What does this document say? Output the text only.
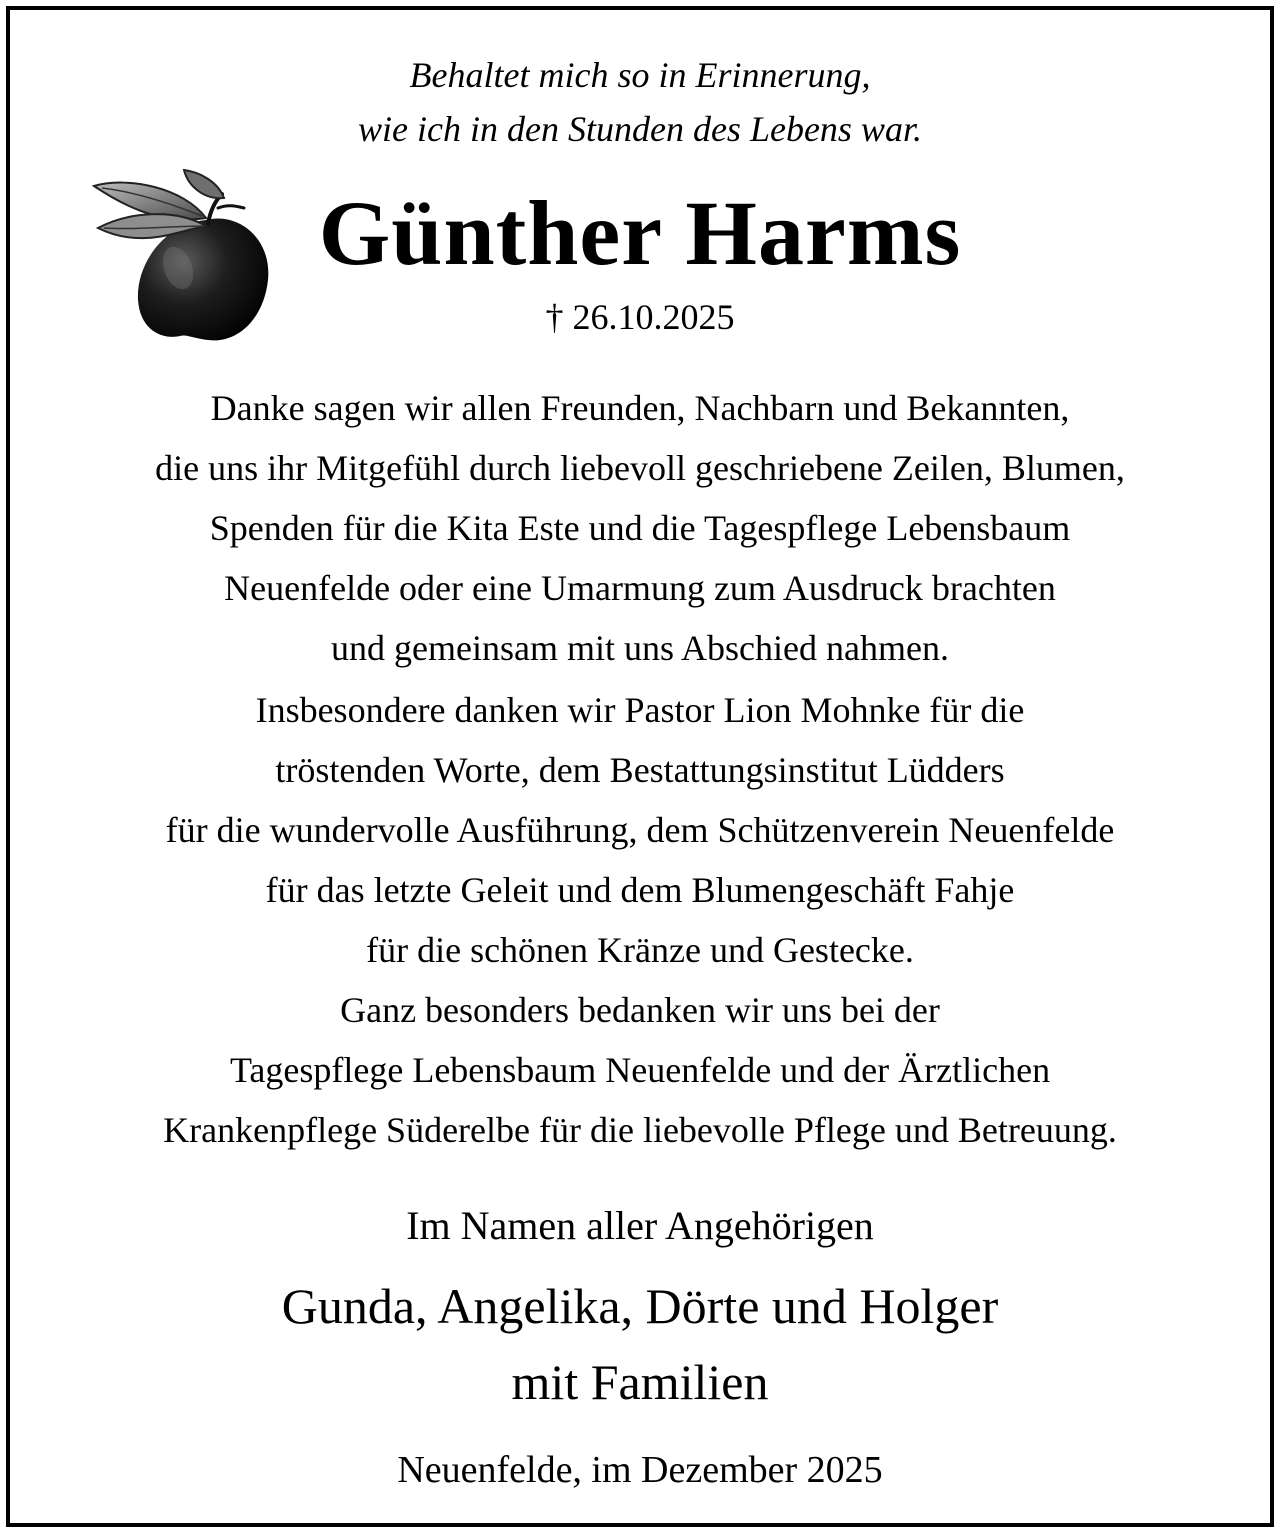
Behaltet mich so in Erinnerung,
wie ich in den Stunden des Lebens war.
Günther Harms
† 26.10.2025
Danke sagen wir allen Freunden, Nachbarn und Bekannten,
die uns ihr Mitgefühl durch liebevoll geschriebene Zeilen, Blumen,
Spenden für die Kita Este und die Tagespflege Lebensbaum
Neuenfelde oder eine Umarmung zum Ausdruck brachten
und gemeinsam mit uns Abschied nahmen.
Insbesondere danken wir Pastor Lion Mohnke für die
tröstenden Worte, dem Bestattungsinstitut Lüdders
für die wundervolle Ausführung, dem Schützenverein Neuenfelde
für das letzte Geleit und dem Blumengeschäft Fahje
für die schönen Kränze und Gestecke.
Ganz besonders bedanken wir uns bei der
Tagespflege Lebensbaum Neuenfelde und der Ärztlichen
Krankenpflege Süderelbe für die liebevolle Pflege und Betreuung.
Im Namen aller Angehörigen
Gunda, Angelika, Dörte und Holger
mit Familien
Neuenfelde, im Dezember 2025
